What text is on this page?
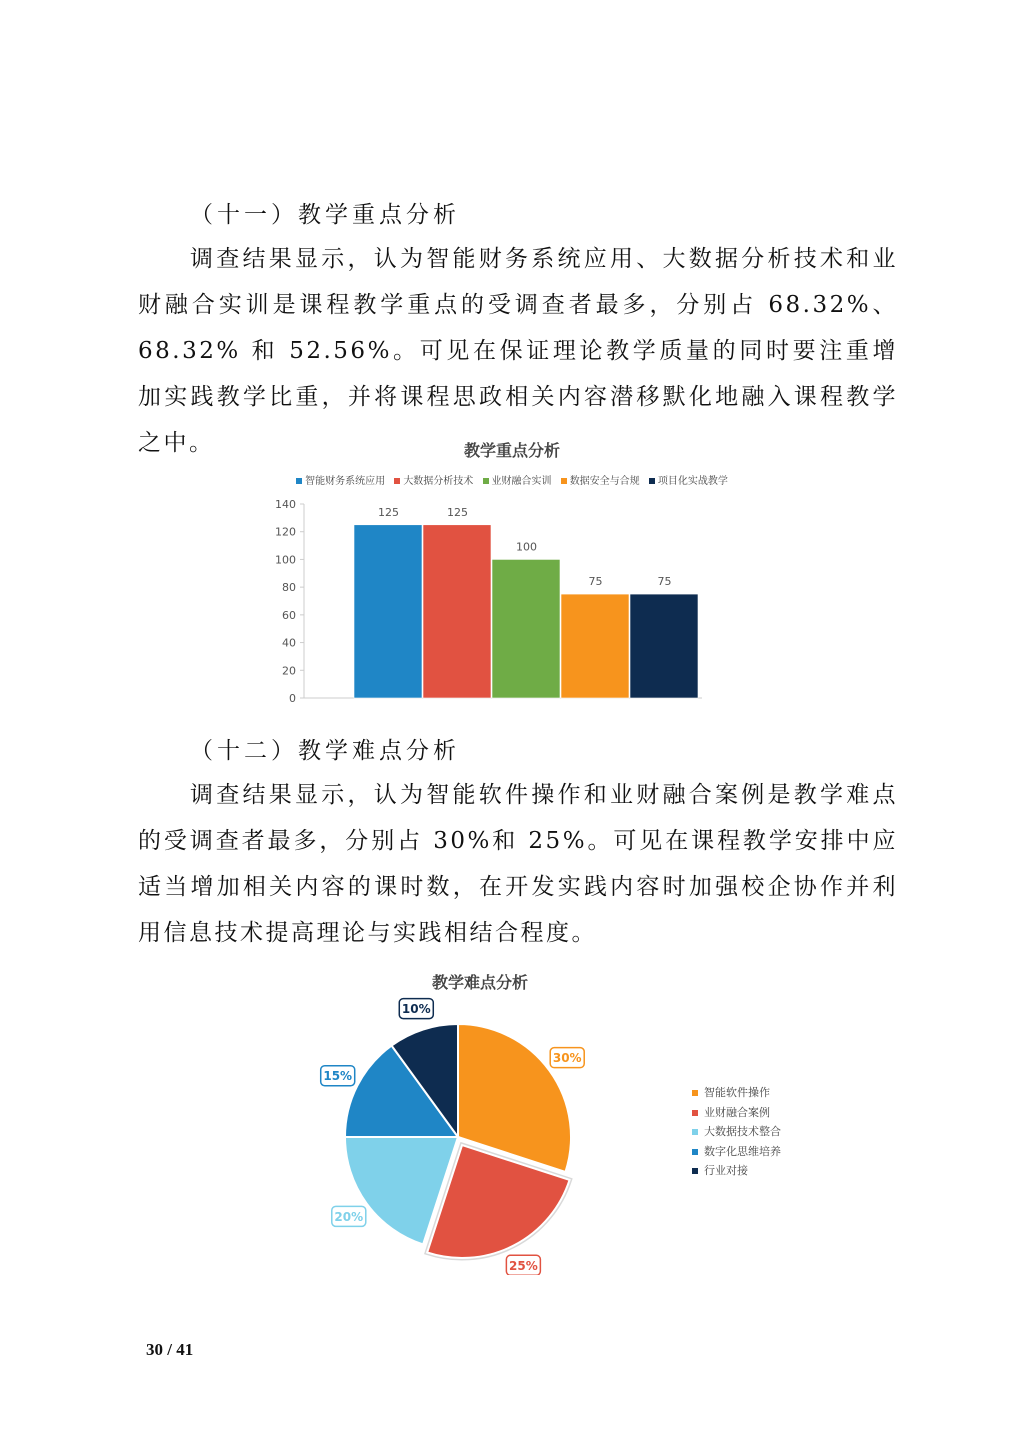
（十一）教学重点分析

调查结果显示，认为智能财务系统应用、大数据分析技术和业财融合实训是课程教学重点的受调查者最多，分别占 68.32%、68.32% 和 52.56%。可见在保证理论教学质量的同时要注重增加实践教学比重，并将课程思政相关内容潜移默化地融入课程教学之中。	教学重点分析
智能财务系统应用 大数据分析技术 业财融合实训 数据安全与合规 项目化实战教学
0
20
40
60
80
100
120
140
125	125
100
75	75
（十二）教学难点分析

调查结果显示，认为智能软件操作和业财融合案例是教学难点的受调查者最多，分别占 30%和 25%。可见在课程教学安排中应适当增加相关内容的课时数，在开发实践内容时加强校企协作并利用信息技术提高理论与实践相结合程度。

教学难点分析
30%
25%
20%
15%
10%
智能软件操作
业财融合案例
大数据技术整合
数字化思维培养
行业对接
30 / 41
